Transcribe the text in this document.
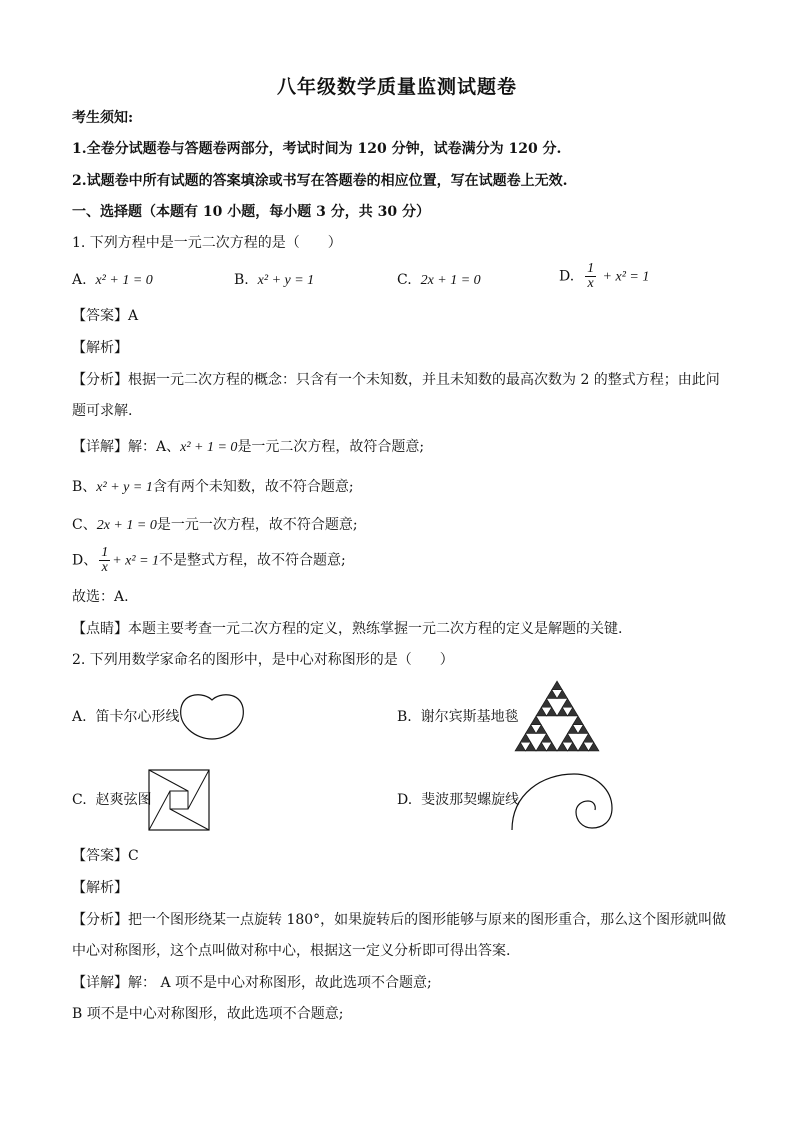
八年级数学质量监测试题卷
考生须知:
1.全卷分试题卷与答题卷两部分，考试时间为 120 分钟，试卷满分为 120 分.
2.试题卷中所有试题的答案填涂或书写在答题卷的相应位置，写在试题卷上无效.
一、选择题（本题有 10 小题，每小题 3 分，共 30 分）
1. 下列方程中是一元二次方程的是（　　）
A. x² + 1 = 0	B. x² + y = 1	C. 2x + 1 = 0	D. $\frac{1}{x} + x^2 = 1$
【答案】A
【解析】
【分析】根据一元二次方程的概念：只含有一个未知数，并且未知数的最高次数为 2 的整式方程；由此问
题可求解.
【详解】解：A、x² + 1 = 0是一元二次方程，故符合题意;
B、x² + y = 1含有两个未知数，故不符合题意;
C、2x + 1 = 0是一元一次方程，故不符合题意;
D、 $\frac{1}{x} + x^2 = 1$不是整式方程，故不符合题意;
故选：A.
【点睛】本题主要考查一元二次方程的定义，熟练掌握一元二次方程的定义是解题的关键.
2. 下列用数学家命名的图形中，是中心对称图形的是（　　）
A. 笛卡尔心形线	B. 谢尔宾斯基地毯
C. 赵爽弦图	D. 斐波那契螺旋线
【答案】C
【解析】
【分析】把一个图形绕某一点旋转 180°，如果旋转后的图形能够与原来的图形重合，那么这个图形就叫做
中心对称图形，这个点叫做对称中心，根据这一定义分析即可得出答案.
【详解】解： A 项不是中心对称图形，故此选项不合题意;
B 项不是中心对称图形，故此选项不合题意;
